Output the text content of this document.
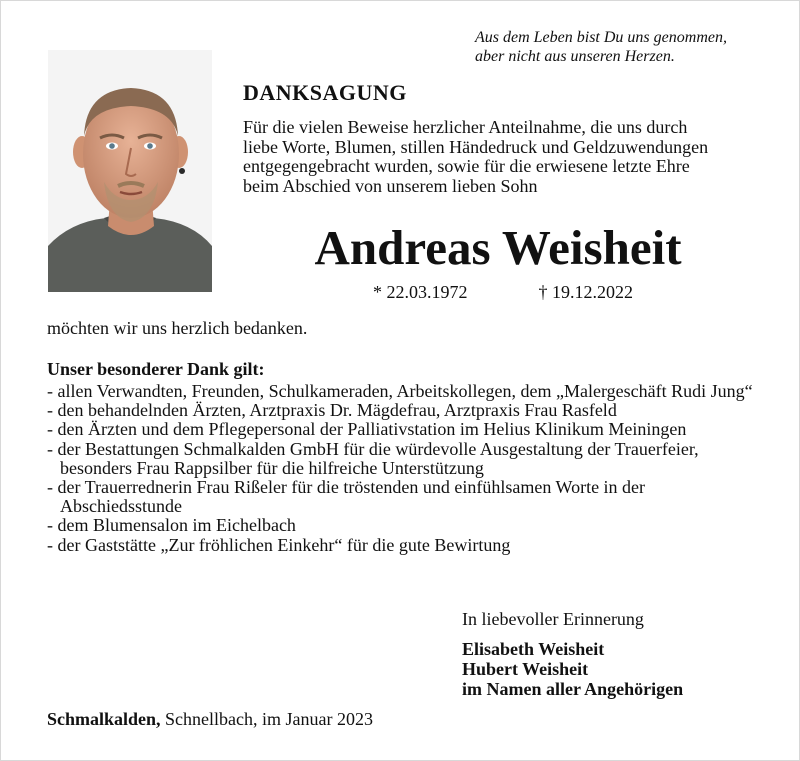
Aus dem Leben bist Du uns genommen,
aber nicht aus unseren Herzen.
DANKSAGUNG
Für die vielen Beweise herzlicher Anteilnahme, die uns durch
liebe Worte, Blumen, stillen Händedruck und Geldzuwendungen
entgegengebracht wurden, sowie für die erwiesene letzte Ehre
beim Abschied von unserem lieben Sohn
Andreas Weisheit
* 22.03.1972	† 19.12.2022
möchten wir uns herzlich bedanken.
Unser besonderer Dank gilt:
- allen Verwandten, Freunden, Schulkameraden, Arbeitskollegen, dem „Malergeschäft Rudi Jung“
- den behandelnden Ärzten, Arztpraxis Dr. Mägdefrau, Arztpraxis Frau Rasfeld
- den Ärzten und dem Pflegepersonal der Palliativstation im Helius Klinikum Meiningen
- der Bestattungen Schmalkalden GmbH für die würdevolle Ausgestaltung der Trauerfeier, besonders Frau Rappsilber für die hilfreiche Unterstützung
- der Trauerrednerin Frau Rißeler für die tröstenden und einfühlsamen Worte in der Abschiedsstunde
- dem Blumensalon im Eichelbach
- der Gaststätte „Zur fröhlichen Einkehr“ für die gute Bewirtung
In liebevoller Erinnerung
Elisabeth Weisheit
Hubert Weisheit
im Namen aller Angehörigen
Schmalkalden, Schnellbach, im Januar 2023
